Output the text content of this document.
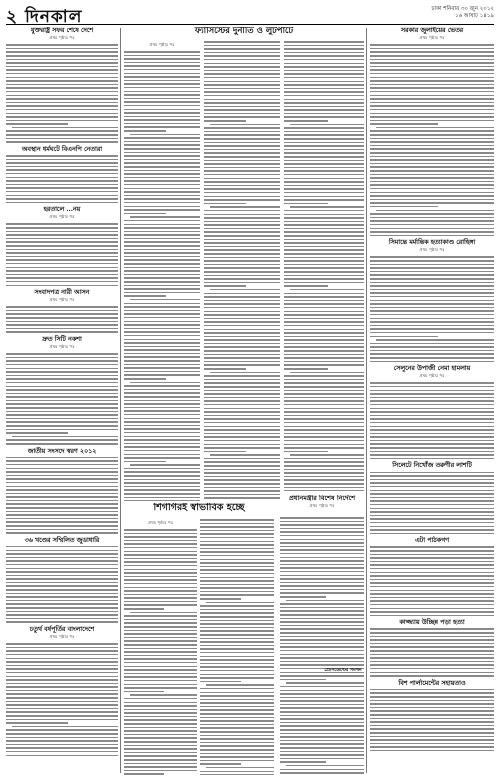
২ দিনকাল	ঢাকা শনিবার ৩০ জুন ২০১২
১৬ আষাঢ় ১৪১৯
যুক্তরাষ্ট্র সফর শেষে দেশে
প্রথম পৃষ্ঠার পর
অবস্থান ধর্মঘটে বিএনপি নেতারা
হরতালে ...নয়
প্রথম পৃষ্ঠার পর
সংবাদপত্র নারী আসন
প্রথম পৃষ্ঠার পর
দ্রুত সিটি নকশা
প্রথম পৃষ্ঠার পর
জাতীয় সংসদে স্বরণ ২০১২
৩৬ খণ্ডের সম্মিলিত জুডাধারি
চতুর্থ বর্ষপূর্তির বাংলাদেশে
প্রথম পৃষ্ঠার পর
ফ্যাসিস্টের দুর্নীতি ও লুটপাটে
প্রথম পৃষ্ঠার পর
শিগগিরই স্বাভাবিক হচ্ছে
প্রথম পৃষ্ঠার পর
প্রধানমন্ত্রীর বিশেষ নির্দেশে
প্রথম পৃষ্ঠার পর
প্রেসিডেন্টের সমর্থন
সরকার জুলাইয়ের ভেতর
প্রথম পৃষ্ঠার পর
সিমান্তে মর্মান্তিক হত্যাকাণ্ড রোহিঙ্গা
প্রথম পৃষ্ঠার পর
সেলুনের উপাজী নেমা হামলায়
প্রথম পৃষ্ঠার পর
সিলেটে নিখোঁজ তরুণীর লাশটি
এটা পাঠকগণ
কাজ্জ্যায় উচ্ছিন্ন পড়া হত্যা
বিশ পার্লামেন্টের সহায়তাও
